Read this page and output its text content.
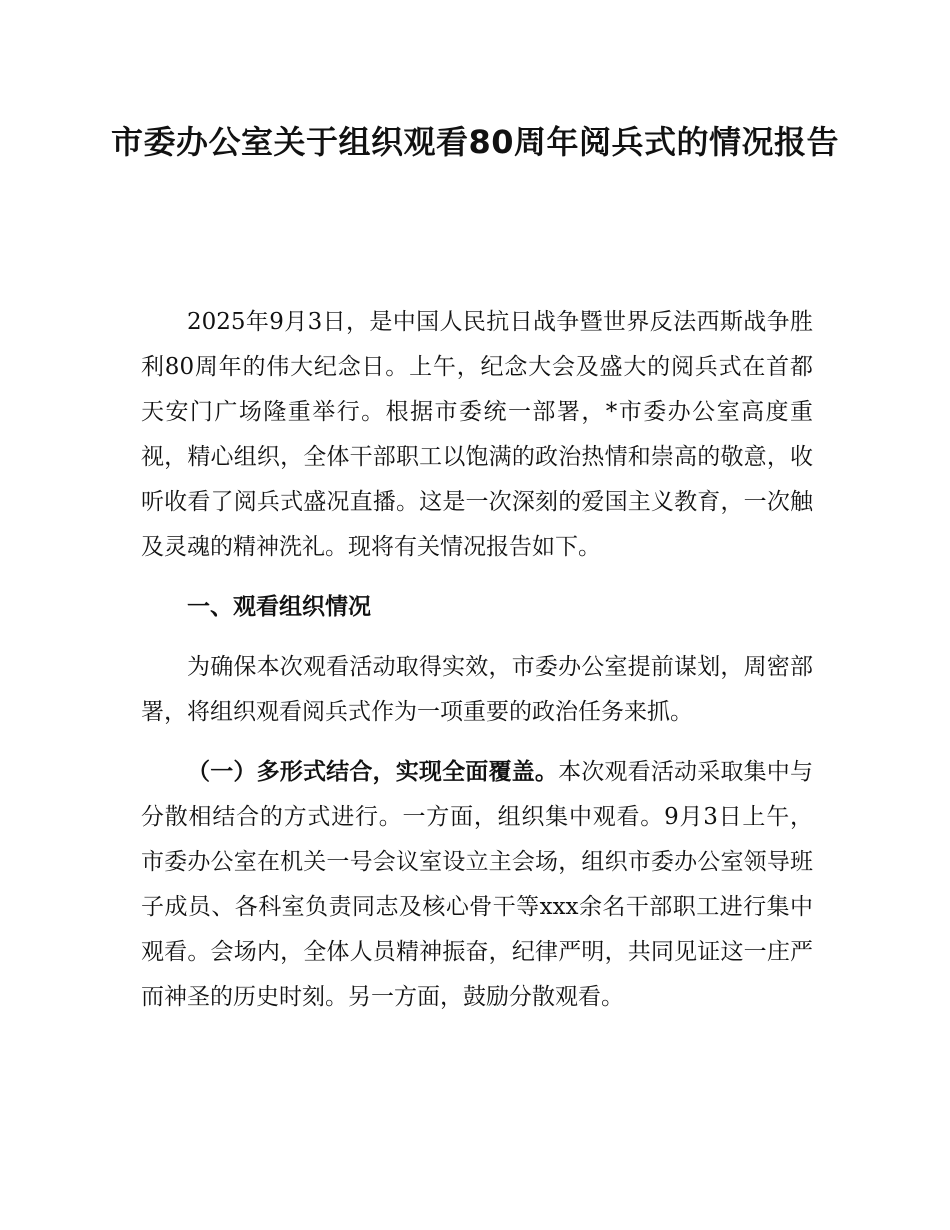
市委办公室关于组织观看80周年阅兵式的情况报告

2025年9月3日，是中国人民抗日战争暨世界反法西斯战争胜利80周年的伟大纪念日。上午，纪念大会及盛大的阅兵式在首都天安门广场隆重举行。根据市委统一部署，*市委办公室高度重视，精心组织，全体干部职工以饱满的政治热情和崇高的敬意，收听收看了阅兵式盛况直播。这是一次深刻的爱国主义教育，一次触及灵魂的精神洗礼。现将有关情况报告如下。

一、观看组织情况

为确保本次观看活动取得实效，市委办公室提前谋划，周密部署，将组织观看阅兵式作为一项重要的政治任务来抓。

（一）多形式结合，实现全面覆盖。本次观看活动采取集中与分散相结合的方式进行。一方面，组织集中观看。9月3日上午，市委办公室在机关一号会议室设立主会场，组织市委办公室领导班子成员、各科室负责同志及核心骨干等xxx余名干部职工进行集中观看。会场内，全体人员精神振奋，纪律严明，共同见证这一庄严而神圣的历史时刻。另一方面，鼓励分散观看。
